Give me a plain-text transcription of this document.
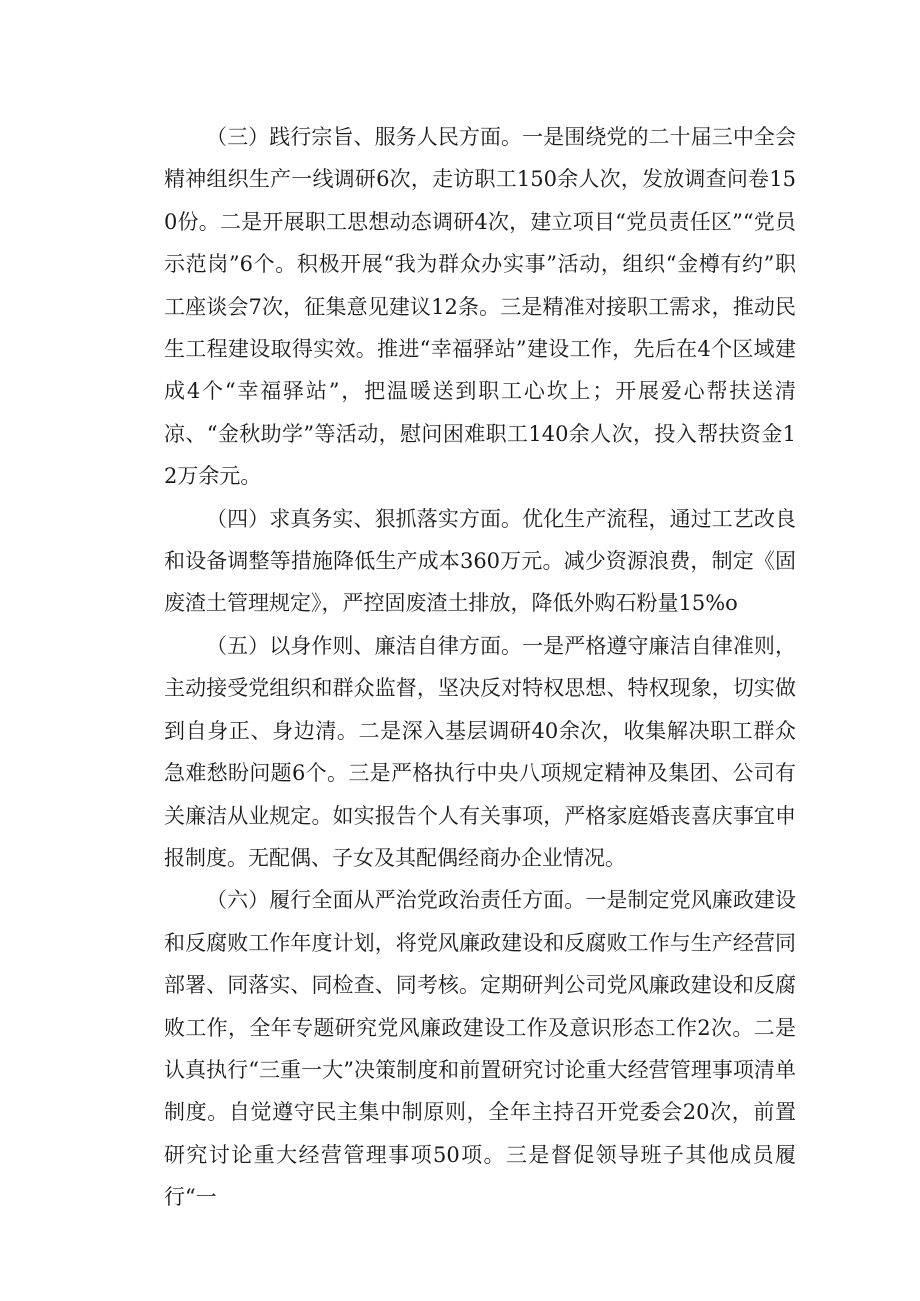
（三）践行宗旨、服务人民方面。一是围绕党的二十届三中全会精神组织生产一线调研6次，走访职工150余人次，发放调查问卷150份。二是开展职工思想动态调研4次，建立项目“党员责任区”“党员示范岗”6个。积极开展“我为群众办实事”活动，组织“金樽有约”职工座谈会7次，征集意见建议12条。三是精准对接职工需求，推动民生工程建设取得实效。推进“幸福驿站”建设工作，先后在4个区域建成4个“幸福驿站”，把温暖送到职工心坎上；开展爱心帮扶送清凉、“金秋助学”等活动，慰问困难职工140余人次，投入帮扶资金12万余元。

（四）求真务实、狠抓落实方面。优化生产流程，通过工艺改良和设备调整等措施降低生产成本360万元。减少资源浪费，制定《固废渣土管理规定》，严控固废渣土排放，降低外购石粉量15%o

（五）以身作则、廉洁自律方面。一是严格遵守廉洁自律准则，主动接受党组织和群众监督，坚决反对特权思想、特权现象，切实做到自身正、身边清。二是深入基层调研40余次，收集解决职工群众急难愁盼问题6个。三是严格执行中央八项规定精神及集团、公司有关廉洁从业规定。如实报告个人有关事项，严格家庭婚丧喜庆事宜申报制度。无配偶、子女及其配偶经商办企业情况。

（六）履行全面从严治党政治责任方面。一是制定党风廉政建设和反腐败工作年度计划，将党风廉政建设和反腐败工作与生产经营同部署、同落实、同检查、同考核。定期研判公司党风廉政建设和反腐败工作，全年专题研究党风廉政建设工作及意识形态工作2次。二是认真执行“三重一大”决策制度和前置研究讨论重大经营管理事项清单制度。自觉遵守民主集中制原则，全年主持召开党委会20次，前置研究讨论重大经营管理事项50项。三是督促领导班子其他成员履行“一
